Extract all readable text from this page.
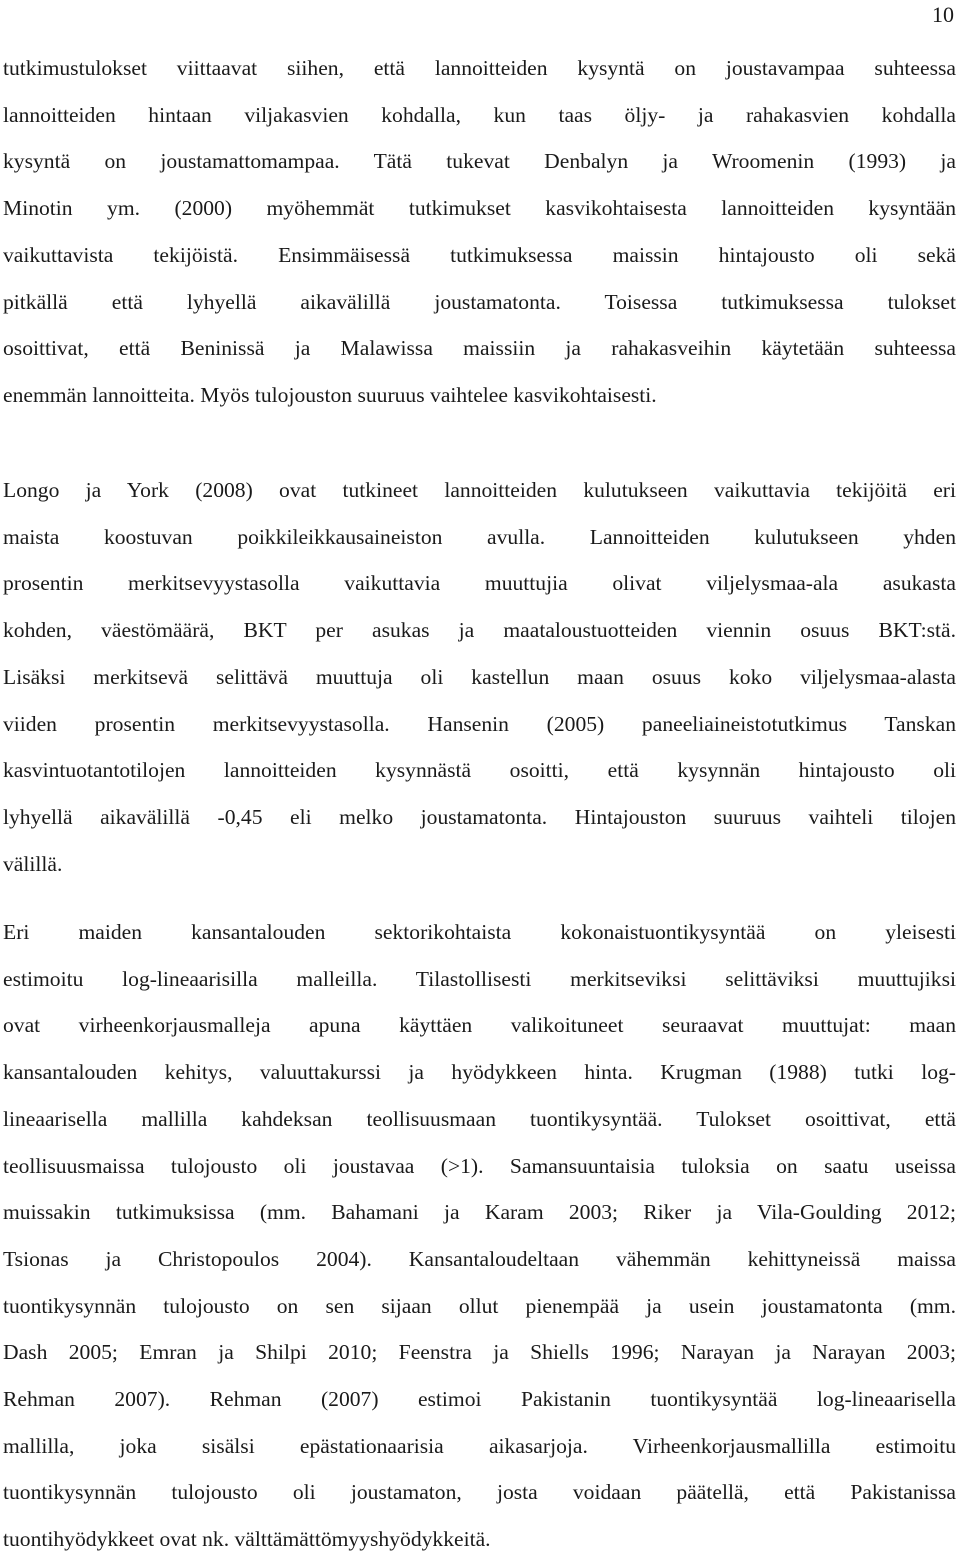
10
tutkimustulokset viittaavat siihen, että lannoitteiden kysyntä on joustavampaa suhteessa
lannoitteiden hintaan viljakasvien kohdalla, kun taas öljy- ja rahakasvien kohdalla
kysyntä on joustamattomampaa. Tätä tukevat Denbalyn ja Wroomenin (1993) ja
Minotin ym. (2000) myöhemmät tutkimukset kasvikohtaisesta lannoitteiden kysyntään
vaikuttavista tekijöistä. Ensimmäisessä tutkimuksessa maissin hintajousto oli sekä
pitkällä että lyhyellä aikavälillä joustamatonta. Toisessa tutkimuksessa tulokset
osoittivat, että Beninissä ja Malawissa maissiin ja rahakasveihin käytetään suhteessa
enemmän lannoitteita. Myös tulojouston suuruus vaihtelee kasvikohtaisesti.
Longo ja York (2008) ovat tutkineet lannoitteiden kulutukseen vaikuttavia tekijöitä eri
maista koostuvan poikkileikkausaineiston avulla. Lannoitteiden kulutukseen yhden
prosentin merkitsevyystasolla vaikuttavia muuttujia olivat viljelysmaa-ala asukasta
kohden, väestömäärä, BKT per asukas ja maataloustuotteiden viennin osuus BKT:stä.
Lisäksi merkitsevä selittävä muuttuja oli kastellun maan osuus koko viljelysmaa-alasta
viiden prosentin merkitsevyystasolla. Hansenin (2005) paneeliaineistotutkimus Tanskan
kasvintuotantotilojen lannoitteiden kysynnästä osoitti, että kysynnän hintajousto oli
lyhyellä aikavälillä -0,45 eli melko joustamatonta. Hintajouston suuruus vaihteli tilojen
välillä.
Eri maiden kansantalouden sektorikohtaista kokonaistuontikysyntää on yleisesti
estimoitu log-lineaarisilla malleilla. Tilastollisesti merkitseviksi selittäviksi muuttujiksi
ovat virheenkorjausmalleja apuna käyttäen valikoituneet seuraavat muuttujat: maan
kansantalouden kehitys, valuuttakurssi ja hyödykkeen hinta. Krugman (1988) tutki log-
lineaarisella mallilla kahdeksan teollisuusmaan tuontikysyntää. Tulokset osoittivat, että
teollisuusmaissa tulojousto oli joustavaa (>1). Samansuuntaisia tuloksia on saatu useissa
muissakin tutkimuksissa (mm. Bahamani ja Karam 2003; Riker ja Vila-Goulding 2012;
Tsionas ja Christopoulos 2004). Kansantaloudeltaan vähemmän kehittyneissä maissa
tuontikysynnän tulojousto on sen sijaan ollut pienempää ja usein joustamatonta (mm.
Dash 2005; Emran ja Shilpi 2010; Feenstra ja Shiells 1996; Narayan ja Narayan 2003;
Rehman 2007). Rehman (2007) estimoi Pakistanin tuontikysyntää log-lineaarisella
mallilla, joka sisälsi epästationaarisia aikasarjoja. Virheenkorjausmallilla estimoitu
tuontikysynnän tulojousto oli joustamaton, josta voidaan päätellä, että Pakistanissa
tuontihyödykkeet ovat nk. välttämättömyyshyödykkeitä.
